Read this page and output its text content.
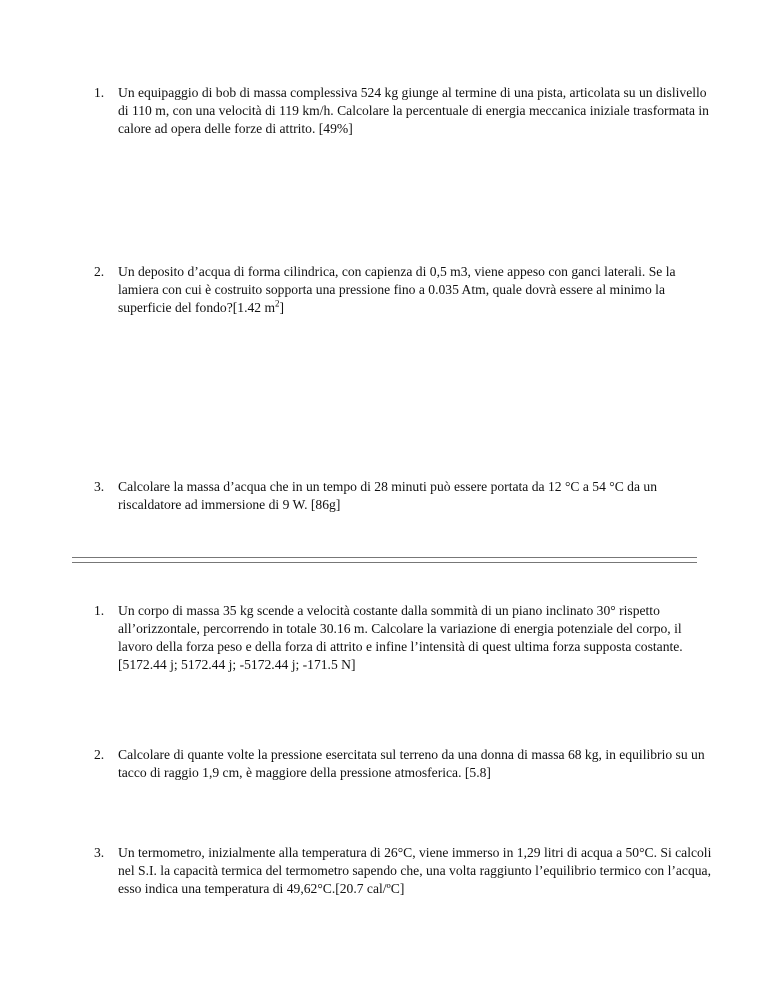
1.	Un equipaggio di bob di massa complessiva 524 kg giunge al termine di una pista, articolata su un dislivello di 110 m, con una velocità di 119 km/h. Calcolare la percentuale di energia meccanica iniziale trasformata in calore ad opera delle forze di attrito. [49%]
2.	Un deposito d’acqua di forma cilindrica, con capienza di 0,5 m3, viene appeso con ganci laterali. Se la lamiera con cui è costruito sopporta una pressione fino a 0.035 Atm, quale dovrà essere al minimo la superficie del fondo?[1.42 $m^2$]
3.	Calcolare la massa d’acqua che in un tempo di 28 minuti può essere portata da 12 °C a 54 °C da un riscaldatore ad immersione di 9 W. [86g]
1.	Un corpo di massa 35 kg scende a velocità costante dalla sommità di un piano inclinato 30° rispetto all’orizzontale, percorrendo in totale 30.16 m. Calcolare la variazione di energia potenziale del corpo, il lavoro della forza peso e della forza di attrito e infine l’intensità di quest ultima forza supposta costante. [5172.44 j; 5172.44 j; -5172.44 j; -171.5 N]
2.	Calcolare di quante volte la pressione esercitata sul terreno da una donna di massa 68 kg, in equilibrio su un tacco di raggio 1,9 cm, è maggiore della pressione atmosferica. [5.8]
3.	Un termometro, inizialmente alla temperatura di 26°C, viene immerso in 1,29 litri di acqua a 50°C. Si calcoli nel S.I. la capacità termica del termometro sapendo che, una volta raggiunto l’equilibrio termico con l’acqua, esso indica una temperatura di 49,62°C.[20.7 cal/ºC]
